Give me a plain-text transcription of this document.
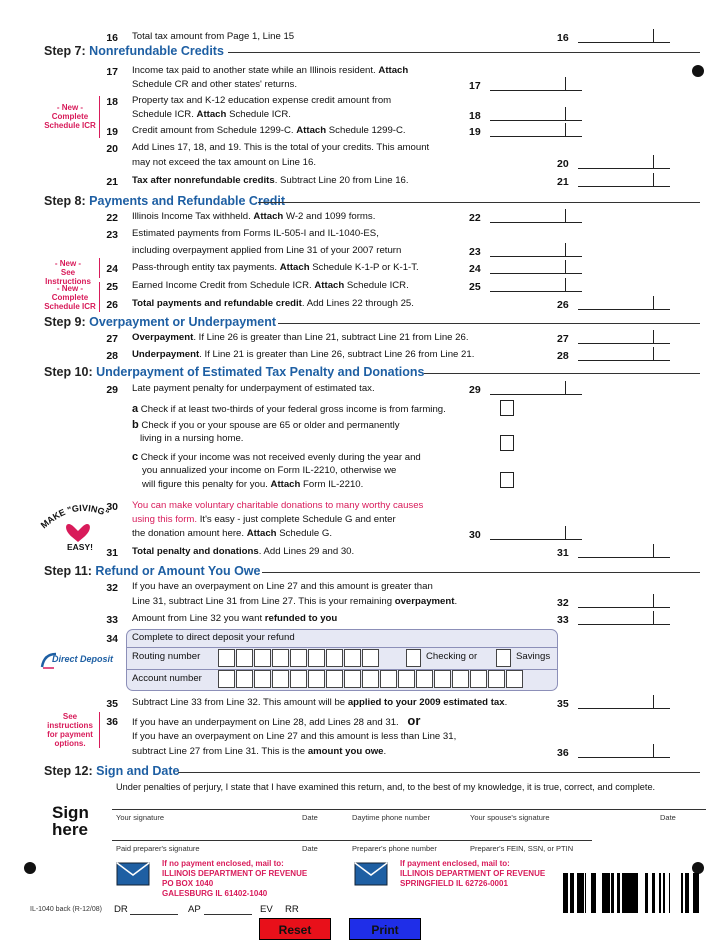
16 Total tax amount from Page 1, Line 15	16
Step 7: Nonrefundable Credits
17 Income tax paid to another state while an Illinois resident. Attach
Schedule CR and other states' returns.	17
- New -
Complete
Schedule ICR
18 Property tax and K-12 education expense credit amount from
Schedule ICR. Attach Schedule ICR.	18
19 Credit amount from Schedule 1299-C. Attach Schedule 1299-C.	19
20 Add Lines 17, 18, and 19. This is the total of your credits. This amount
may not exceed the tax amount on Line 16.	20
21 Tax after nonrefundable credits. Subtract Line 20 from Line 16.	21
Step 8: Payments and Refundable Credit
22 Illinois Income Tax withheld. Attach W-2 and 1099 forms.	22
23 Estimated payments from Forms IL-505-I and IL-1040-ES,
including overpayment applied from Line 31 of your 2007 return	23
- New -
See Instructions
24 Pass-through entity tax payments. Attach Schedule K-1-P or K-1-T.	24
- New -
Complete
Schedule ICR
25 Earned Income Credit from Schedule ICR. Attach Schedule ICR.	25
26 Total payments and refundable credit. Add Lines 22 through 25.	26
Step 9: Overpayment or Underpayment
27 Overpayment. If Line 26 is greater than Line 21, subtract Line 21 from Line 26.	27
28 Underpayment. If Line 21 is greater than Line 26, subtract Line 26 from Line 21.	28
Step 10: Underpayment of Estimated Tax Penalty and Donations
29 Late payment penalty for underpayment of estimated tax.	29
a Check if at least two-thirds of your federal gross income is from farming.
b Check if you or your spouse are 65 or older and permanently
living in a nursing home.
c Check if your income was not received evenly during the year and
you annualized your income on Form IL-2210, otherwise we
will figure this penalty for you. Attach Form IL-2210.
MAKE "GIVING"
EASY!
30 You can make voluntary charitable donations to many worthy causes
using this form. It's easy - just complete Schedule G and enter
the donation amount here. Attach Schedule G.	30
31 Total penalty and donations. Add Lines 29 and 30.	31
Step 11: Refund or Amount You Owe
32 If you have an overpayment on Line 27 and this amount is greater than
Line 31, subtract Line 31 from Line 27. This is your remaining overpayment.	32
33 Amount from Line 32 you want refunded to you	33
34 Complete to direct deposit your refund
Routing number	Checking or	Savings
Account number
Direct Deposit
35 Subtract Line 33 from Line 32. This amount will be applied to your 2009 estimated tax.	35
See
instructions
for payment
options.
36 If you have an underpayment on Line 28, add Lines 28 and 31. or
If you have an overpayment on Line 27 and this amount is less than Line 31,
subtract Line 27 from Line 31. This is the amount you owe.	36
Step 12: Sign and Date
Under penalties of perjury, I state that I have examined this return, and, to the best of my knowledge, it is true, correct, and complete.
Sign
here
Your signature	Date	Daytime phone number	Your spouse's signature	Date
Paid preparer's signature	Date	Preparer's phone number	Preparer's FEIN, SSN, or PTIN
If no payment enclosed, mail to:
ILLINOIS DEPARTMENT OF REVENUE
PO BOX 1040
GALESBURG IL 61402-1040
If payment enclosed, mail to:
ILLINOIS DEPARTMENT OF REVENUE
SPRINGFIELD IL 62726-0001
IL-1040 back (R-12/08) DR	AP	EV RR
Reset	Print
